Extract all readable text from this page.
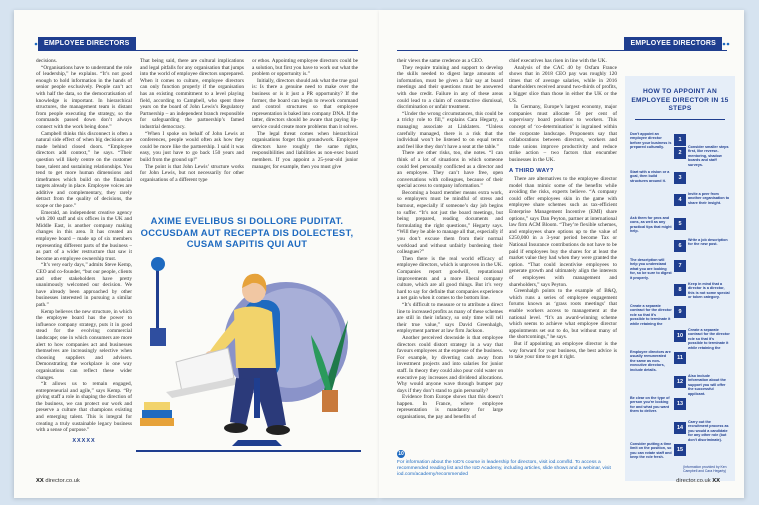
EMPLOYEE DIRECTORS

decisions.

“Organisations have to understand the role of leadership,” he explains. “It’s not good enough to hold information in the hands of senior people exclusively. People can’t act with half the data, so the democratisation of knowledge is important. In hierarchical structures, the management team is distant from people executing the strategy, so the commands passed down don’t always connect with the work being done.”

Campbell thinks this disconnect is often a natural side effect of when big decisions are made behind closed doors. “Employee directors add context,” he says. “Their question will likely centre on the customer base, talent and sustaining relationships. You tend to get more human dimensions and timeframes which build on the financial targets already in place. Employee voices are additive and complementary, they rarely detract from the quality of decisions, the scope or the pace.”

Emerald, an independent creative agency with 200 staff and six offices in the UK and Middle East, is another company making changes in this area. It has created an employee board – made up of six members representing different parts of the business – as part of a wider restructure that saw it become an employee ownership trust.

“It’s very early days,” admits Steve Kemp, CEO and co-founder, “but our people, clients and other stakeholders have pretty unanimously welcomed our decision. We have already been approached by other businesses interested in pursuing a similar path.”

Kemp believes the new structure, in which the employee board has the power to influence company strategy, puts it in good stead for the evolving commercial landscape; one in which consumers are more alert to how companies act and businesses themselves are increasingly selective when choosing suppliers and advisers. Demonstrating the workplace is one way organisations can reflect these wider changes.

“It allows us to remain engaged, entrepreneurial and agile,” says Kemp. “By giving staff a role in shaping the direction of the business, we can protect our work and preserve a culture that champions existing and emerging talent. This is integral for creating a truly sustainable legacy business with a sense of purpose.”

XXXXX

That being said, there are cultural implications and legal pitfalls for any organisation that jumps into the world of employee directors unprepared. When it comes to culture, employee directors can only function properly if the organisation has an existing commitment to a level playing field, according to Campbell, who spent three years on the board of John Lewis’s Regulatory Partnership – an independent branch responsible for safeguarding the partnership’s famed industrial democracy.

“When I spoke on behalf of John Lewis at conferences, people would often ask how they could be more like the partnership. I said it was easy, you just have to go back 150 years and build from the ground up!”

The point is that John Lewis’ structure works for John Lewis, but not necessarily for other organisations of a different type

or ethos. Appointing employee directors could be a solution, but first you have to work out what the problem or opportunity is.”

Initially, directors should ask what the true goal is: Is there a genuine need to make over the business or is it just a PR opportunity? If the former, the board can begin to rework command and control structures so that employee representation is baked into company DNA. If the latter, directors should be aware that paying lip-service could create more problems than it solves.

The legal threat comes when hierarchical organisations forget this groundwork. Employee directors have roughly the same rights, responsibilities and liabilities as non-exec board members. If you appoint a 25-year-old junior manager, for example, then you must give

AXIME EVELIBUS SI DOLLORE PUDITAT. OCCUSDAM AUT RECEPTA DIS DOLECTEST, CUSAM SAPITIS QUI AUT
XX director.co.uk
EMPLOYEE DIRECTORS

their views the same credence as a CEO.

They require training and support to develop the skills needed to digest large amounts of information, must be given a fair say at board meetings and their questions must be answered with due credit. Failure in any of these areas could lead to a claim of constructive dismissal, discrimination or unfair treatment.

“Under the wrong circumstances, this could be a tricky role to fill,” explains Cara Hegarty, a managing associate at Linklaters. “Unless carefully managed, there is a risk that the individual won’t be listened to on equal terms and feel like they don’t have a seat at the table.”

There are other risks, too, she notes. “I can think of a lot of situations in which someone could feel personally conflicted as a director and an employee. They can’t have free, open conversations with colleagues, because of their special access to company information.”

Becoming a board member means extra work, so employers must be mindful of stress and burnout, especially if someone’s day job begins to suffer. “It’s not just the board meetings, but being prepared, reading documents and formulating the right questions,” Hegarty says. “Will they be able to manage all that, especially if you don’t excuse them from their normal workload and without unfairly burdening their colleagues?”

Then there is the real world efficacy of employee directors, which is unproven in the UK. Companies report goodwill, reputational improvements and a more liberal company culture, which are all good things. But it’s very hard to say for definite that companies experience a net gain when it comes to the bottom line.

“It’s difficult to measure or to attribute a direct line to increased profits as many of these schemes are still in their infancy, so only time will tell their true value,” says David Greenhalgh, employment partner at law firm Jackson.

Another perceived downside is that employee directors could distort strategy in a way that favours employees at the expense of the business. For example, by diverting cash away from investment projects and into salaries for junior staff. In theory they could also pour cold water on executive pay increases and dividend allocations. Why would anyone wave through bumper pay days if they don’t stand to gain personally?

Evidence from Europe shows that this doesn’t happen. In France, where employee representation is mandatory for large organisations, the pay and benefits of

chief executives has risen in line with the UK.

Analysis of the CAC 40 by Oxfam France shows that in 2018 CEO pay was roughly 120 times that of average salaries, while in 2016 shareholders received around two-thirds of profits, a bigger slice than those in either the UK or the US.

In Germany, Europe’s largest economy, major companies must allocate 50 per cent of supervisory board positions to workers. This concept of ‘co-determination’ is ingrained within the corporate landscape. Proponents say that collaborations between directors, workers and trade unions improve productivity and reduce strike action – two factors that encumber businesses in the UK.

A THIRD WAY?

There are alternatives to the employee director model than mimic some of the benefits while avoiding the risks, experts believe. “A company could offer employees skin in the game with employee share schemes such as tax-efficient Enterprise Management Incentive (EMI) share options,” says Dan Peyton, partner at international law firm ACM Bloom. “They’re flexible schemes, and employees share options up to the value of £250,000 in a 3-year period become Tax or National Insurance contributions do not have to be paid if employees buy the shares for at least the market value they had when they were granted the option. “That could incentivise employees to generate growth and ultimately align the interests of employees with management and shareholders,” says Peyton.

Greenhalgh points to the example of B&Q, which runs a series of employee engagement forums known as ‘grass roots meetings’ that enable workers access to management at the national level. “It’s an award-winning scheme which seems to achieve what employee director appointments set out to do, but without many of the shortcomings,” he says.

But if appointing an employee director is the way forward for your business, the best advice is to take your time to get it right.

10
For information about the IoD’s course in leadership for directors, visit iod.com/lld. To access a recommended reading list and the IoD Academy, including articles, slide shows and a webinar, visit iod.com/academy/recommended
HOW TO APPOINT AN EMPLOYEE DIRECTOR IN 15 STEPS
Don't appoint an employee director before your business is prepared culturally.
1
2
Consider smaller steps first, like reverse-mentoring, shadow boards and staff surveys.
Start with a vision or a goal, then build structures around it.	3
4
Invite a peer from another organisation to share their insight.
Ask them for pros and cons, as well as any practical tips that might help.
5
6
Write a job description for the new post.
The description will help you understand what you are looking for, so be sure to digest it properly.
7
8
Keep in mind that a director is a director, this is not some special or token category.
Create a separate contract for the director role so that it's possible to terminate it while retaining the
9
10
Create a separate contract for the director role so that it's possible to terminate it while retaining the
Employee directors are usually remunerated the same as non-executive directors, include details.
11
12
Also include information about the support you will offer the successful applicant.
Be clear on the type of person you're looking for and what you want them to deliver.
13
14
Carry out the recruitment process as you would a candidate for any other role (but don't discriminate).
Consider putting a time limit on the position, so you can rotate staff and keep the role fresh.
15
(Information provided by Ken Campbell and Cara Hegarty)
director.co.uk XX
